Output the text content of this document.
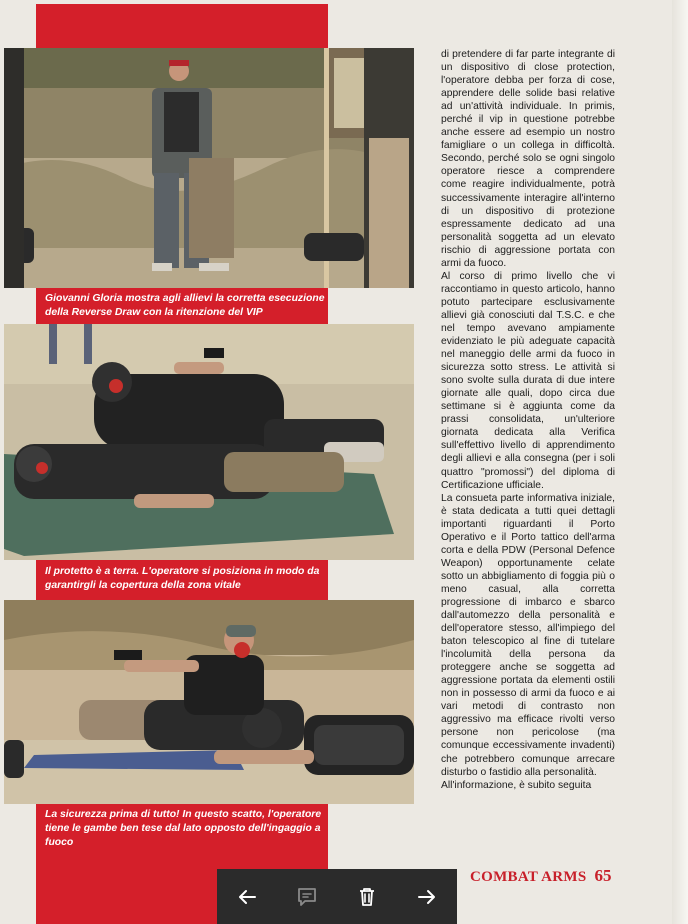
Giovanni Gloria mostra agli allievi la corretta esecuzione della Reverse Draw con la ritenzione del VIP
Il protetto è a terra. L'operatore si posiziona in modo da garantirgli la copertura della zona vitale
La sicurezza prima di tutto! In questo scatto, l'operatore tiene le gambe ben tese dal lato opposto dell'ingaggio a fuoco

di pretendere di far parte integrante di un dispositivo di close protection, l'operatore debba per forza di cose, apprendere delle solide basi relative ad un'attività individuale. In primis, perché il vip in questione potrebbe anche essere ad esempio un nostro famigliare o un collega in difficoltà. Secondo, perché solo se ogni singolo operatore riesce a comprendere come reagire individualmente, potrà successivamente interagire all'interno di un dispositivo di protezione espressamente dedicato ad una personalità soggetta ad un elevato rischio di aggressione portata con armi da fuoco.

Al corso di primo livello che vi raccontiamo in questo articolo, hanno potuto partecipare esclusivamente allievi già conosciuti dal T.S.C. e che nel tempo avevano ampiamente evidenziato le più adeguate capacità nel maneggio delle armi da fuoco in sicurezza sotto stress. Le attività si sono svolte sulla durata di due intere giornate alle quali, dopo circa due settimane si è aggiunta come da prassi consolidata, un'ulteriore giornata dedicata alla Verifica sull'effettivo livello di apprendimento degli allievi e alla consegna (per i soli quattro "promossi") del diploma di Certificazione ufficiale.

La consueta parte informativa iniziale, è stata dedicata a tutti quei dettagli importanti riguardanti il Porto Operativo e il Porto tattico dell'arma corta e della PDW (Personal Defence Weapon) opportunamente celate sotto un abbigliamento di foggia più o meno casual, alla corretta progressione di imbarco e sbarco dall'automezzo della personalità e dell'operatore stesso, all'impiego del baton telescopico al fine di tutelare l'incolumità della persona da proteggere anche se soggetta ad aggressione portata da elementi ostili non in possesso di armi da fuoco e ai vari metodi di contrasto non aggressivo ma efficace rivolti verso persone non pericolose (ma comunque eccessivamente invadenti) che potrebbero comunque arrecare disturbo o fastidio alla personalità.

All'informazione, è subito seguita

COMBAT ARMS 65
